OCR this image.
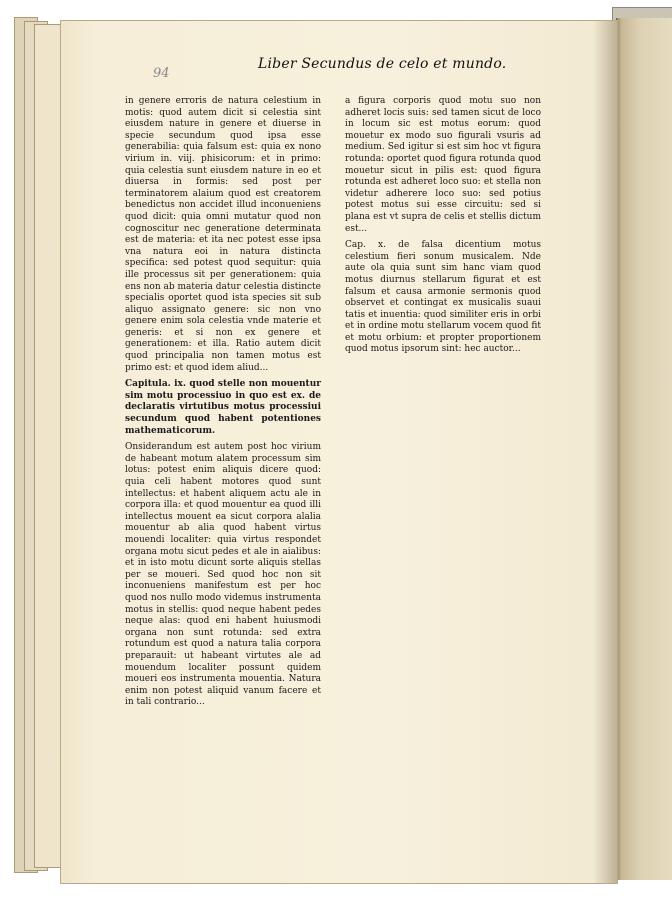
94
Liber Secundus de celo et mundo.

in genere erroris de natura celestium in motis: quod autem dicit si celestia sint eiusdem nature in genere et diuerse in specie secundum quod ipsa esse generabilia: quia falsum est: quia ex nono virium in. viij. phisicorum: et in primo: quia celestia sunt eiusdem nature in eo et diuersa in formis: sed post per terminatorem alaium quod est creatorem benedictus non accidet illud inconueniens quod dicit: quia omni mutatur quod non cognoscitur nec generatione determinata est de materia: et ita nec potest esse ipsa vna natura eoi in natura distincta specifica: sed potest quod sequitur: quia ille processus sit per generationem: quia ens non ab materia datur celestia distincte specialis oportet quod ista species sit sub aliquo assignato genere: sic non vno genere enim sola celestia vnde materie et generis: et si non ex genere et generationem: et illa. Ratio autem dicit quod principalia non tamen motus est primo est: et quod idem aliud...

Capitula. ix. quod stelle non mouentur sim motu processiuo in quo est ex. de declaratis virtutibus motus processiui secundum quod habent potentiones mathematicorum.

Onsiderandum est autem post hoc virium de habeant motum alatem processum sim lotus: potest enim aliquis dicere quod: quia celi habent motores quod sunt intellectus: et habent aliquem actu ale in corpora illa: et quod mouentur ea quod illi intellectus mouent ea sicut corpora alalia mouentur ab alia quod habent virtus mouendi localiter: quia virtus respondet organa motu sicut pedes et ale in aialibus: et in isto motu dicunt sorte aliquis stellas per se moueri. Sed quod hoc non sit inconueniens manifestum est per hoc quod nos nullo modo videmus instrumenta motus in stellis: quod neque habent pedes neque alas: quod eni habent huiusmodi organa non sunt rotunda: sed extra rotundum est quod a natura talia corpora preparauit: ut habeant virtutes ale ad mouendum localiter possunt quidem moueri eos instrumenta mouentia. Natura enim non potest aliquid vanum facere et in tali contrario...

a figura corporis quod motu suo non adheret locis suis: sed tamen sicut de loco in locum sic est motus eorum: quod mouetur ex modo suo figurali vsuris ad medium. Sed igitur si est sim hoc vt figura rotunda: oportet quod figura rotunda quod mouetur sicut in pilis est: quod figura rotunda est adheret loco suo: et stella non videtur adherere loco suo: sed potius potest motus sui esse circuitu: sed si plana est vt supra de celis et stellis dictum est...

Cap. x. de falsa dicentium motus celestium fieri sonum musicalem. Nde aute ola quia sunt sim hanc viam quod motus diurnus stellarum figurat et est falsum et causa armonie sermonis quod observet et contingat ex musicalis suaui tatis et inuentia: quod similiter eris in orbi et in ordine motu stellarum vocem quod fit et motu orbium: et propter proportionem quod motus ipsorum sint: hec auctor...
